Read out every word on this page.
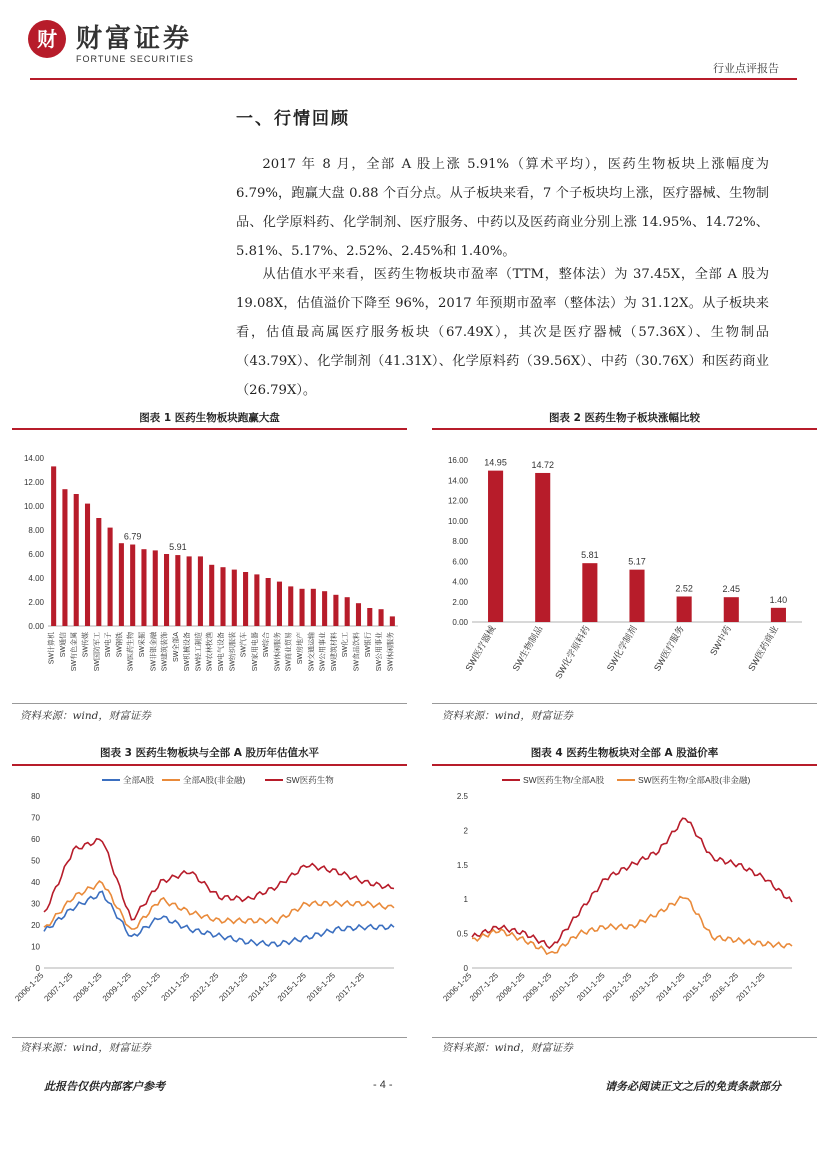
财 财富证券
FORTUNE SECURITIES
行业点评报告
一、行情回顾
2017 年 8 月，全部 A 股上涨 5.91%（算术平均），医药生物板块上涨幅度为 6.79%，跑赢大盘 0.88 个百分点。从子板块来看，7 个子板块均上涨，医疗器械、生物制品、化学原料药、化学制剂、医疗服务、中药以及医药商业分别上涨 14.95%、14.72%、5.81%、5.17%、2.52%、2.45%和 1.40%。
从估值水平来看，医药生物板块市盈率（TTM，整体法）为 37.45X，全部 A 股为 19.08X，估值溢价下降至 96%，2017 年预期市盈率（整体法）为 31.12X。从子板块来看，估值最高属医疗服务板块（67.49X），其次是医疗器械（57.36X）、生物制品（43.79X）、化学制剂（41.31X）、化学原料药（39.56X）、中药（30.76X）和医药商业（26.79X）。
图表 1 医药生物板块跑赢大盘
0.00
2.00
4.00
6.00
8.00
10.00
12.00
14.00
SW计算机 SW通信 SW有色金属 SW传媒 SW国防军工 SW电子 SW钢铁 SW医药生物
6.79
SW采掘 SW非银金融 SW建筑装饰 SW全部A
5.91
SW机械设备 SW轻工制造 SW农林牧渔 SW电气设备 SW纺织服装 SW汽车 SW家用电器 SW综合 SW休闲服务 SW商业贸易 SW房地产 SW交通运输 SW公用事业 SW建筑材料 SW化工 SW食品饮料 SW银行 SW公用事业 SW休闲服务
资料来源：wind，财富证券
图表 2 医药生物子板块涨幅比较
0.00
2.00
4.00
6.00
8.00
10.00
12.00
14.00
16.00
SW医疗器械
14.95
SW生物制品
14.72
SW化学原料药
5.81
SW化学制剂
5.17
SW医疗服务
2.52
SW中药
2.45
SW医药商业
1.40
资料来源：wind，财富证券
图表 3 医药生物板块与全部 A 股历年估值水平
0
10
20
30
40
50
60
70
80
2006-1-25
2007-1-25
2008-1-25
2009-1-25
2010-1-25
2011-1-25
2012-1-25
2013-1-25
2014-1-25
2015-1-25
2016-1-25
2017-1-25
全部A股	全部A股(非金融)	SW医药生物
资料来源：wind，财富证券
图表 4 医药生物板块对全部 A 股溢价率
0
0.5
1
1.5
2
2.5
2006-1-25
2007-1-25
2008-1-25
2009-1-25
2010-1-25
2011-1-25
2012-1-25
2013-1-25
2014-1-25
2015-1-25
2016-1-25
2017-1-25
SW医药生物/全部A股	SW医药生物/全部A股(非金融)
资料来源：wind，财富证券
此报告仅供内部客户参考	- 4 -	请务必阅读正文之后的免责条款部分
